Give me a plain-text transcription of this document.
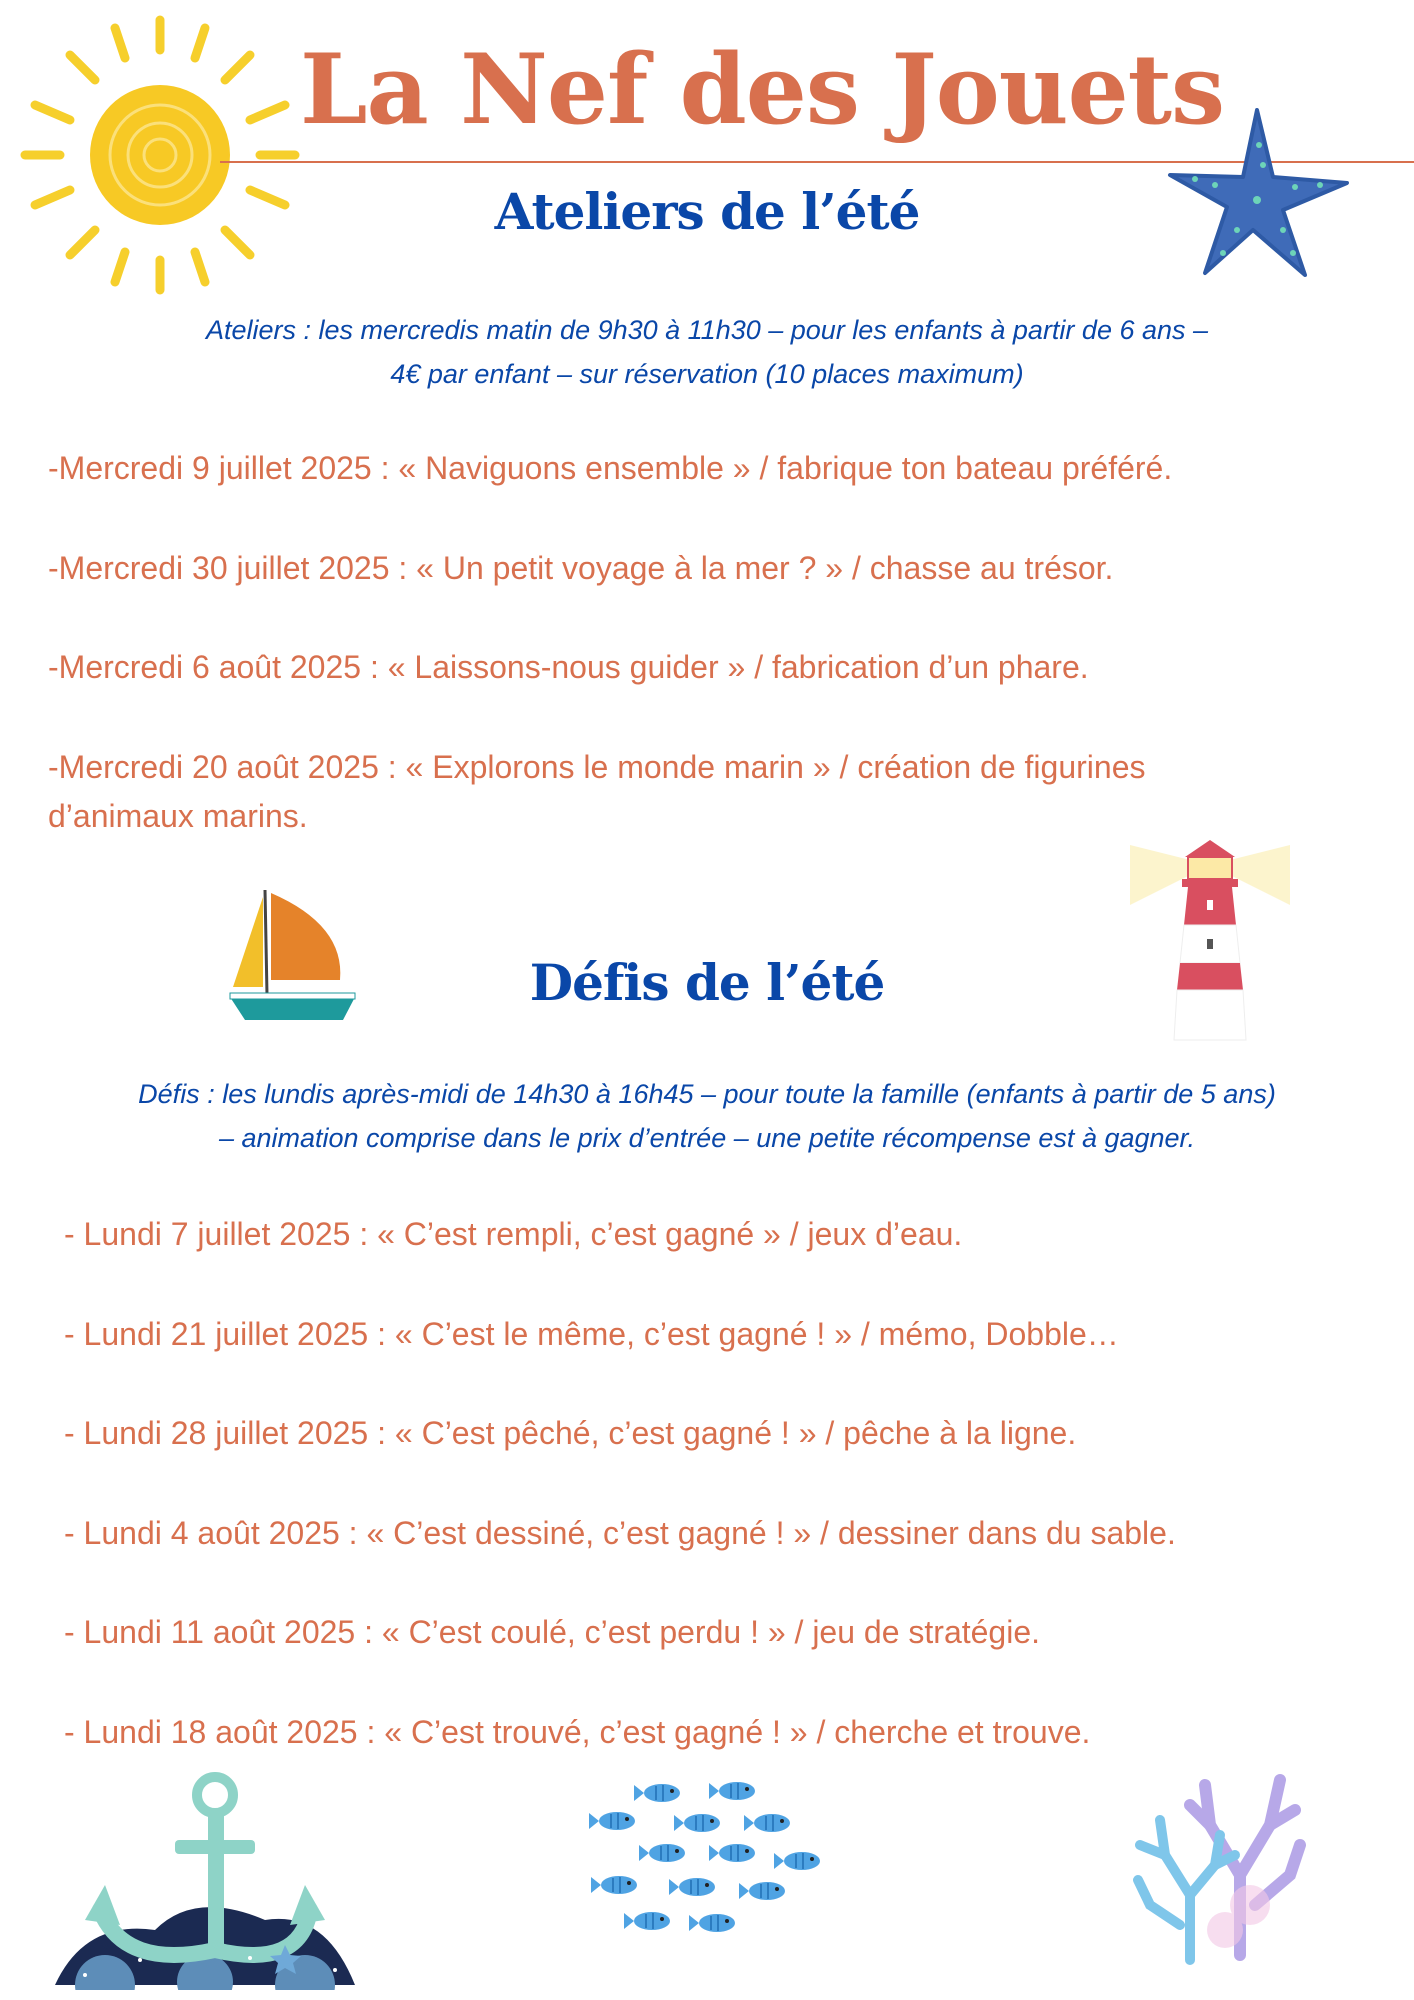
La Nef des Jouets
Ateliers de l’été
Ateliers : les mercredis matin de 9h30 à 11h30 – pour les enfants à partir de 6 ans –
4€ par enfant – sur réservation (10 places maximum)
-Mercredi 9 juillet 2025 : « Naviguons ensemble » / fabrique ton bateau préféré.
-Mercredi 30 juillet 2025 : « Un petit voyage à la mer ? » / chasse au trésor.
-Mercredi 6 août 2025 : « Laissons-nous guider » / fabrication d’un phare.
-Mercredi 20 août 2025 : « Explorons le monde marin » / création de figurines
d’animaux marins.
Défis de l’été
Défis : les lundis après-midi de 14h30 à 16h45 – pour toute la famille (enfants à partir de 5 ans)
– animation comprise dans le prix d’entrée – une petite récompense est à gagner.
- Lundi 7 juillet 2025 : « C’est rempli, c’est gagné » / jeux d’eau.
- Lundi 21 juillet 2025 : « C’est le même, c’est gagné ! » / mémo, Dobble…
- Lundi 28 juillet 2025 : « C’est pêché, c’est gagné ! » / pêche à la ligne.
- Lundi 4 août 2025 : « C’est dessiné, c’est gagné ! » / dessiner dans du sable.
- Lundi 11 août 2025 : « C’est coulé, c’est perdu ! » / jeu de stratégie.
- Lundi 18 août 2025 : « C’est trouvé, c’est gagné ! » / cherche et trouve.
